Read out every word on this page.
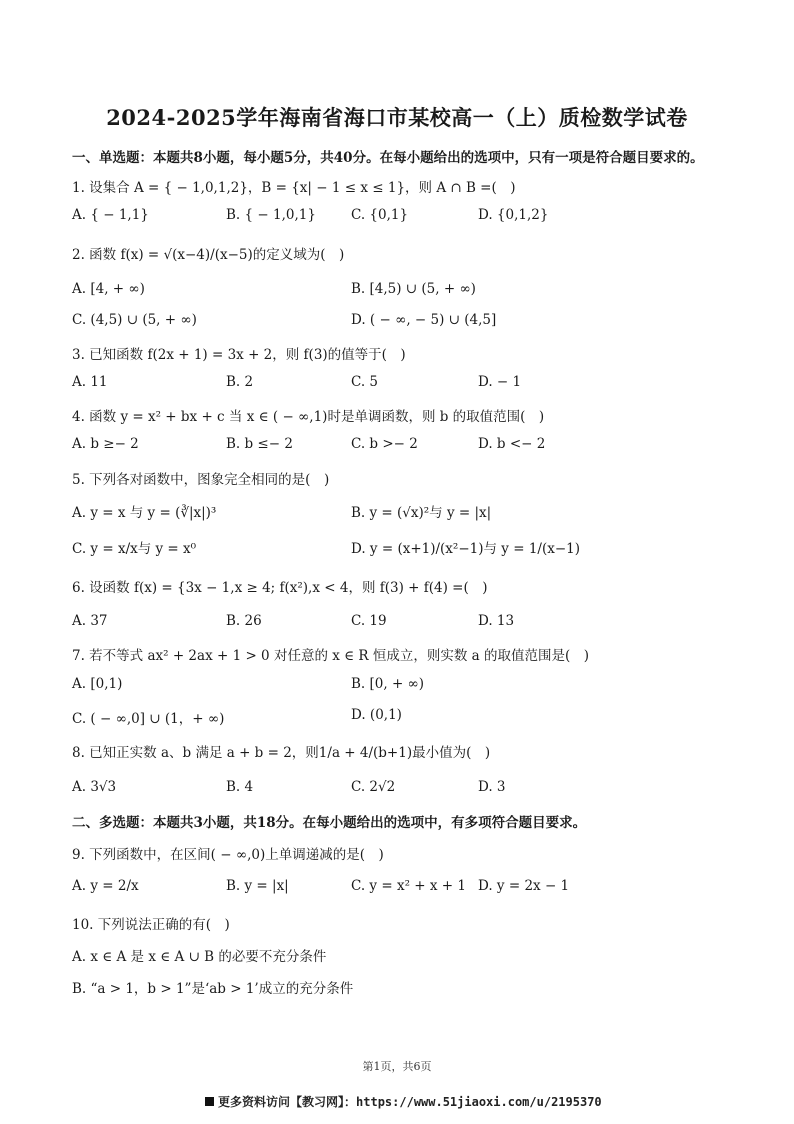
2024-2025学年海南省海口市某校高一（上）质检数学试卷
一、单选题：本题共8小题，每小题5分，共40分。在每小题给出的选项中，只有一项是符合题目要求的。
1. 设集合 A = { − 1,0,1,2}，B = {x| − 1 ≤ x ≤ 1}，则 A ∩ B =(　)
A. { − 1,1}	B. { − 1,0,1}	C. {0,1}	D. {0,1,2}
2. 函数 f(x) = √(x−4)/(x−5)的定义域为(　)
A. [4, + ∞)	B. [4,5) ∪ (5, + ∞)
C. (4,5) ∪ (5, + ∞)	D. ( − ∞, − 5) ∪ (4,5]
3. 已知函数 f(2x + 1) = 3x + 2，则 f(3)的值等于(　)
A. 11	B. 2	C. 5	D. − 1
4. 函数 y = x² + bx + c 当 x ∈ ( − ∞,1)时是单调函数，则 b 的取值范围(　)
A. b ≥− 2	B. b ≤− 2	C. b >− 2	D. b <− 2
5. 下列各对函数中，图象完全相同的是(　)
A. y = x 与 y = (∛|x|)³	B. y = (√x)²与 y = |x|
C. y = x/x与 y = x⁰	D. y = (x+1)/(x²−1)与 y = 1/(x−1)
6. 设函数 f(x) = {3x − 1,x ≥ 4; f(x²),x < 4，则 f(3) + f(4) =(　)
A. 37	B. 26	C. 19	D. 13
7. 若不等式 ax² + 2ax + 1 > 0 对任意的 x ∈ R 恒成立，则实数 a 的取值范围是(　)
A. [0,1)	B. [0, + ∞)
C. ( − ∞,0] ∪ (1，+ ∞)	D. (0,1)
8. 已知正实数 a、b 满足 a + b = 2，则1/a + 4/(b+1)最小值为(　)
A. 3√3	B. 4	C. 2√2	D. 3
二、多选题：本题共3小题，共18分。在每小题给出的选项中，有多项符合题目要求。
9. 下列函数中，在区间( − ∞,0)上单调递减的是(　)
A. y = 2/x	B. y = |x|	C. y = x² + x + 1 D. y = 2x − 1
10. 下列说法正确的有(　)
A. x ∈ A 是 x ∈ A ∪ B 的必要不充分条件
B. “a > 1，b > 1”是‘ab > 1’成立的充分条件
第1页，共6页
更多资料访问【教习网】：https://www.51jiaoxi.com/u/2195370
